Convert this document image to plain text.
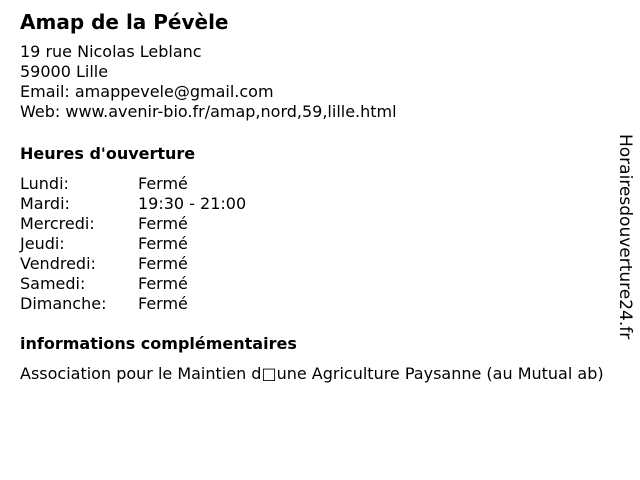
Amap de la Pévèle
19 rue Nicolas Leblanc
59000 Lille
Email: amappevele@gmail.com
Web: www.avenir-bio.fr/amap,nord,59,lille.html
Heures d'ouverture
Lundi:	Fermé
Mardi:	19:30 - 21:00
Mercredi:	Fermé
Jeudi:	Fermé
Vendredi:	Fermé
Samedi:	Fermé
Dimanche:	Fermé
informations complémentaires
Association pour le Maintien d□une Agriculture Paysanne (au Mutual ab)
Horairesdouverture24.fr
